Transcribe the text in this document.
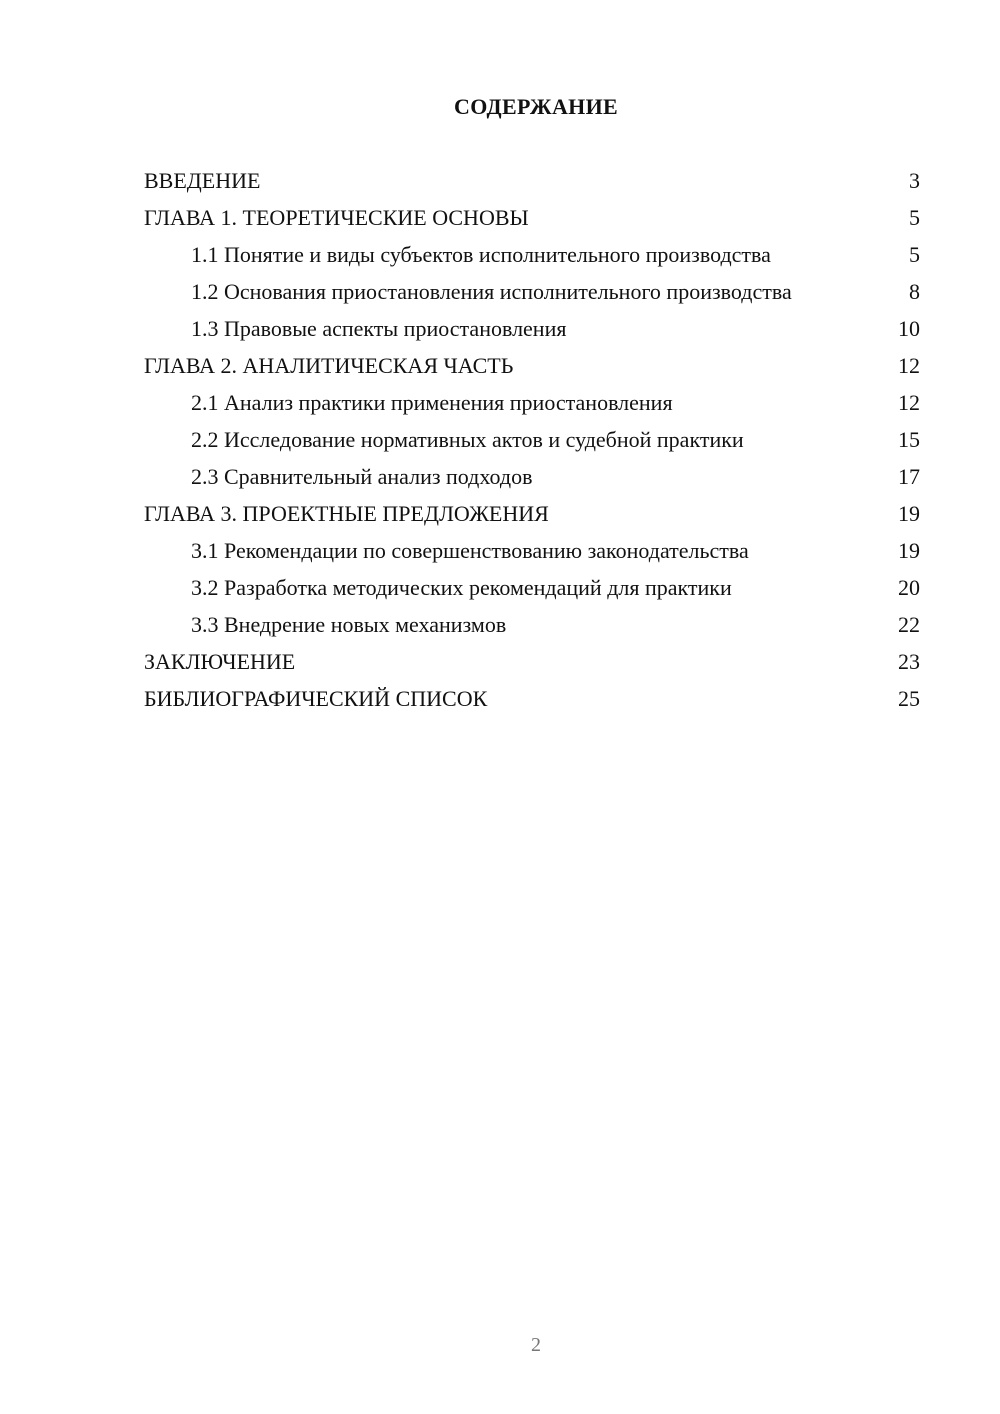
СОДЕРЖАНИЕ
ВВЕДЕНИЕ	3
ГЛАВА 1. ТЕОРЕТИЧЕСКИЕ ОСНОВЫ	5
1.1 Понятие и виды субъектов исполнительного производства	5
1.2 Основания приостановления исполнительного производства	8
1.3 Правовые аспекты приостановления	10
ГЛАВА 2. АНАЛИТИЧЕСКАЯ ЧАСТЬ	12
2.1 Анализ практики применения приостановления	12
2.2 Исследование нормативных актов и судебной практики	15
2.3 Сравнительный анализ подходов	17
ГЛАВА 3. ПРОЕКТНЫЕ ПРЕДЛОЖЕНИЯ	19
3.1 Рекомендации по совершенствованию законодательства	19
3.2 Разработка методических рекомендаций для практики	20
3.3 Внедрение новых механизмов	22
ЗАКЛЮЧЕНИЕ	23
БИБЛИОГРАФИЧЕСКИЙ СПИСОК	25
2
